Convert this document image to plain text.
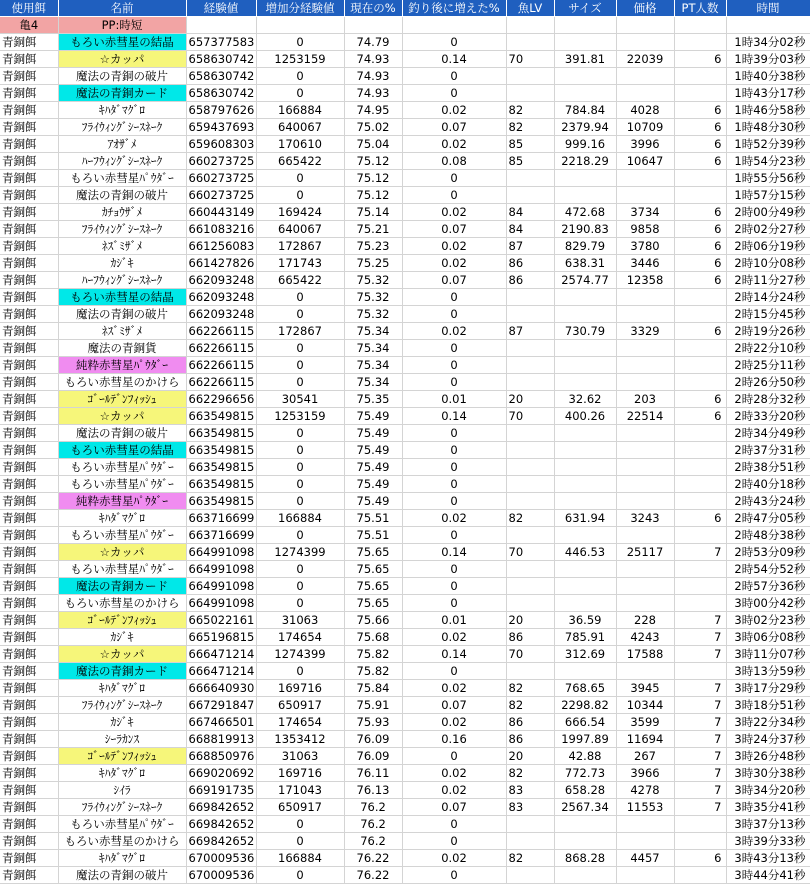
使用餌	名前	経験値	増加分経験値	現在の%	釣り後に増えた%	魚LV	サイズ	価格	PT人数	時間
亀4	PP:時短									
青銅餌	もろい赤彗星の結晶	657377583	0	74.79	0					1時34分02秒
青銅餌	☆カッパ	658630742	1253159	74.93	0.14	70	391.81	22039	6	1時39分03秒
青銅餌	魔法の青銅の破片	658630742	0	74.93	0					1時40分38秒
青銅餌	魔法の青銅カード	658630742	0	74.93	0					1時43分17秒
青銅餌	ｷﾊﾀﾞﾏｸﾞﾛ	658797626	166884	74.95	0.02	82	784.84	4028	6	1時46分58秒
青銅餌	ﾌﾗｲｳｨﾝｸﾞｼｰｽﾈｰｸ	659437693	640067	75.02	0.07	82	2379.94	10709	6	1時48分30秒
青銅餌	ｱｵｻﾞﾒ	659608303	170610	75.04	0.02	85	999.16	3996	6	1時52分39秒
青銅餌	ﾊｰﾌｳｨﾝｸﾞｼｰｽﾈｰｸ	660273725	665422	75.12	0.08	85	2218.29	10647	6	1時54分23秒
青銅餌	もろい赤彗星ﾊﾟｳﾀﾞｰ	660273725	0	75.12	0					1時55分56秒
青銅餌	魔法の青銅の破片	660273725	0	75.12	0					1時57分15秒
青銅餌	ｶﾁｮｳｻﾞﾒ	660443149	169424	75.14	0.02	84	472.68	3734	6	2時00分49秒
青銅餌	ﾌﾗｲｳｨﾝｸﾞｼｰｽﾈｰｸ	661083216	640067	75.21	0.07	84	2190.83	9858	6	2時02分27秒
青銅餌	ﾈｽﾞﾐｻﾞﾒ	661256083	172867	75.23	0.02	87	829.79	3780	6	2時06分19秒
青銅餌	ｶｼﾞｷ	661427826	171743	75.25	0.02	86	638.31	3446	6	2時10分08秒
青銅餌	ﾊｰﾌｳｨﾝｸﾞｼｰｽﾈｰｸ	662093248	665422	75.32	0.07	86	2574.77	12358	6	2時11分27秒
青銅餌	もろい赤彗星の結晶	662093248	0	75.32	0					2時14分24秒
青銅餌	魔法の青銅の破片	662093248	0	75.32	0					2時15分45秒
青銅餌	ﾈｽﾞﾐｻﾞﾒ	662266115	172867	75.34	0.02	87	730.79	3329	6	2時19分26秒
青銅餌	魔法の青銅貨	662266115	0	75.34	0					2時22分10秒
青銅餌	純粋赤彗星ﾊﾟｳﾀﾞｰ	662266115	0	75.34	0					2時25分11秒
青銅餌	もろい赤彗星のかけら	662266115	0	75.34	0					2時26分50秒
青銅餌	ｺﾞｰﾙﾃﾞﾝﾌｨｯｼｭ	662296656	30541	75.35	0.01	20	32.62	203	6	2時28分32秒
青銅餌	☆カッパ	663549815	1253159	75.49	0.14	70	400.26	22514	6	2時33分20秒
青銅餌	魔法の青銅の破片	663549815	0	75.49	0					2時34分49秒
青銅餌	もろい赤彗星の結晶	663549815	0	75.49	0					2時37分31秒
青銅餌	もろい赤彗星ﾊﾟｳﾀﾞｰ	663549815	0	75.49	0					2時38分51秒
青銅餌	もろい赤彗星ﾊﾟｳﾀﾞｰ	663549815	0	75.49	0					2時40分18秒
青銅餌	純粋赤彗星ﾊﾟｳﾀﾞｰ	663549815	0	75.49	0					2時43分24秒
青銅餌	ｷﾊﾀﾞﾏｸﾞﾛ	663716699	166884	75.51	0.02	82	631.94	3243	6	2時47分05秒
青銅餌	もろい赤彗星ﾊﾟｳﾀﾞｰ	663716699	0	75.51	0					2時48分38秒
青銅餌	☆カッパ	664991098	1274399	75.65	0.14	70	446.53	25117	7	2時53分09秒
青銅餌	もろい赤彗星ﾊﾟｳﾀﾞｰ	664991098	0	75.65	0					2時54分52秒
青銅餌	魔法の青銅カード	664991098	0	75.65	0					2時57分36秒
青銅餌	もろい赤彗星のかけら	664991098	0	75.65	0					3時00分42秒
青銅餌	ｺﾞｰﾙﾃﾞﾝﾌｨｯｼｭ	665022161	31063	75.66	0.01	20	36.59	228	7	3時02分23秒
青銅餌	ｶｼﾞｷ	665196815	174654	75.68	0.02	86	785.91	4243	7	3時06分08秒
青銅餌	☆カッパ	666471214	1274399	75.82	0.14	70	312.69	17588	7	3時11分07秒
青銅餌	魔法の青銅カード	666471214	0	75.82	0					3時13分59秒
青銅餌	ｷﾊﾀﾞﾏｸﾞﾛ	666640930	169716	75.84	0.02	82	768.65	3945	7	3時17分29秒
青銅餌	ﾌﾗｲｳｨﾝｸﾞｼｰｽﾈｰｸ	667291847	650917	75.91	0.07	82	2298.82	10344	7	3時18分51秒
青銅餌	ｶｼﾞｷ	667466501	174654	75.93	0.02	86	666.54	3599	7	3時22分34秒
青銅餌	ｼｰﾗｶﾝｽ	668819913	1353412	76.09	0.16	86	1997.89	11694	7	3時24分37秒
青銅餌	ｺﾞｰﾙﾃﾞﾝﾌｨｯｼｭ	668850976	31063	76.09	0	20	42.88	267	7	3時26分48秒
青銅餌	ｷﾊﾀﾞﾏｸﾞﾛ	669020692	169716	76.11	0.02	82	772.73	3966	7	3時30分38秒
青銅餌	ｼｲﾗ	669191735	171043	76.13	0.02	83	658.28	4278	7	3時34分20秒
青銅餌	ﾌﾗｲｳｨﾝｸﾞｼｰｽﾈｰｸ	669842652	650917	76.2	0.07	83	2567.34	11553	7	3時35分41秒
青銅餌	もろい赤彗星ﾊﾟｳﾀﾞｰ	669842652	0	76.2	0					3時37分13秒
青銅餌	もろい赤彗星のかけら	669842652	0	76.2	0					3時39分33秒
青銅餌	ｷﾊﾀﾞﾏｸﾞﾛ	670009536	166884	76.22	0.02	82	868.28	4457	6	3時43分13秒
青銅餌	魔法の青銅の破片	670009536	0	76.22	0					3時44分41秒
